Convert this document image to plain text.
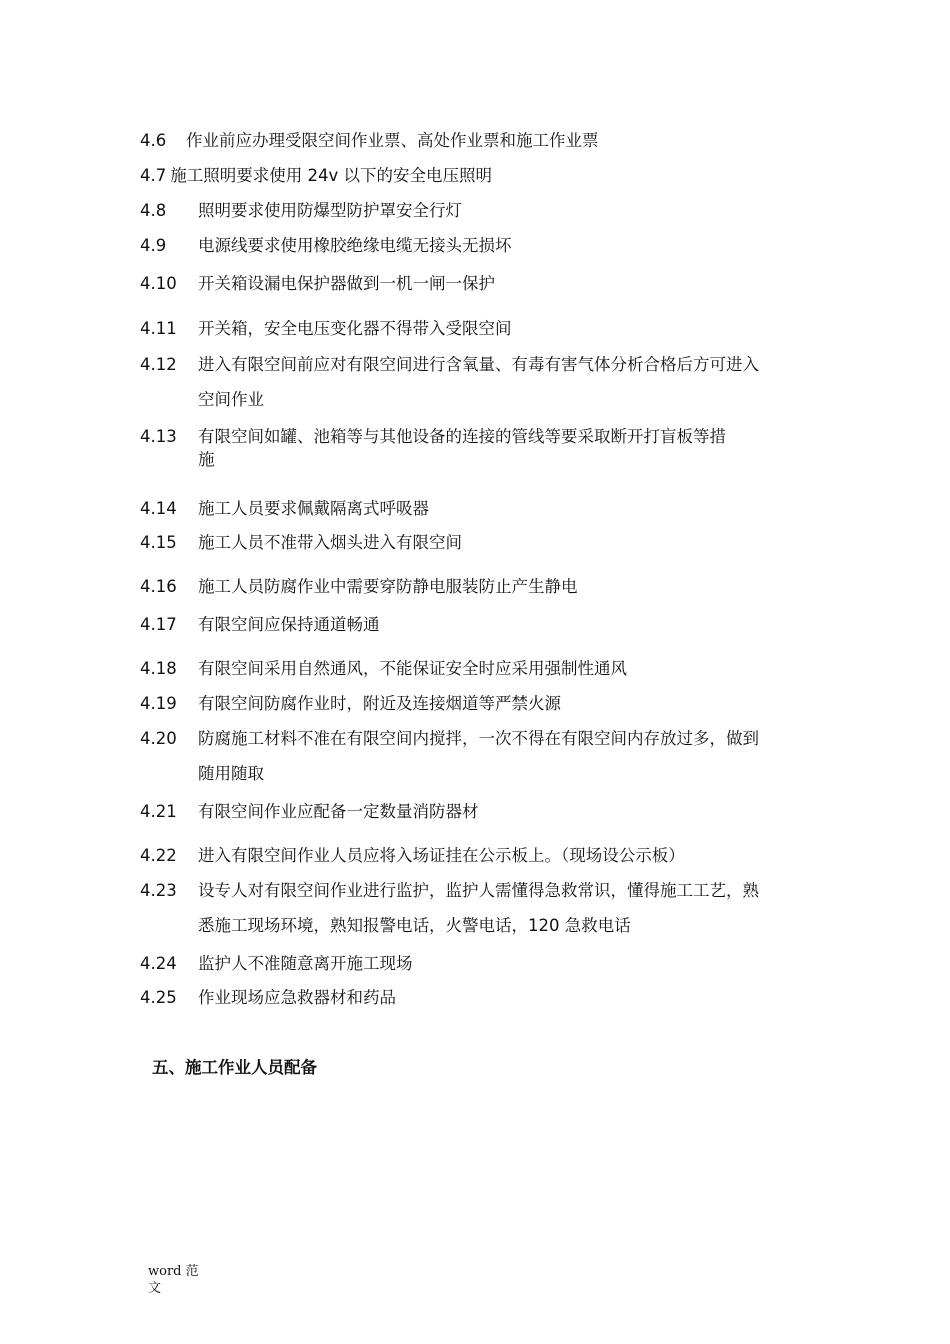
4.6 作业前应办理受限空间作业票、高处作业票和施工作业票
4.7 施工照明要求使用 24v 以下的安全电压照明
4.8 照明要求使用防爆型防护罩安全行灯
4.9 电源线要求使用橡胶绝缘电缆无接头无损坏
4.10 开关箱设漏电保护器做到一机一闸一保护
4.11 开关箱，安全电压变化器不得带入受限空间
4.12 进入有限空间前应对有限空间进行含氧量、有毒有害气体分析合格后方可进入
空间作业
4.13 有限空间如罐、池箱等与其他设备的连接的管线等要采取断开打盲板等措
施
4.14 施工人员要求佩戴隔离式呼吸器
4.15 施工人员不准带入烟头进入有限空间
4.16 施工人员防腐作业中需要穿防静电服装防止产生静电
4.17 有限空间应保持通道畅通
4.18 有限空间采用自然通风，不能保证安全时应采用强制性通风
4.19 有限空间防腐作业时，附近及连接烟道等严禁火源
4.20 防腐施工材料不准在有限空间内搅拌，一次不得在有限空间内存放过多，做到
随用随取
4.21 有限空间作业应配备一定数量消防器材
4.22 进入有限空间作业人员应将入场证挂在公示板上。（现场设公示板）
4.23 设专人对有限空间作业进行监护，监护人需懂得急救常识，懂得施工工艺，熟
悉施工现场环境，熟知报警电话，火警电话，120 急救电话
4.24 监护人不准随意离开施工现场
4.25 作业现场应急救器材和药品
五、施工作业人员配备
word 范文
